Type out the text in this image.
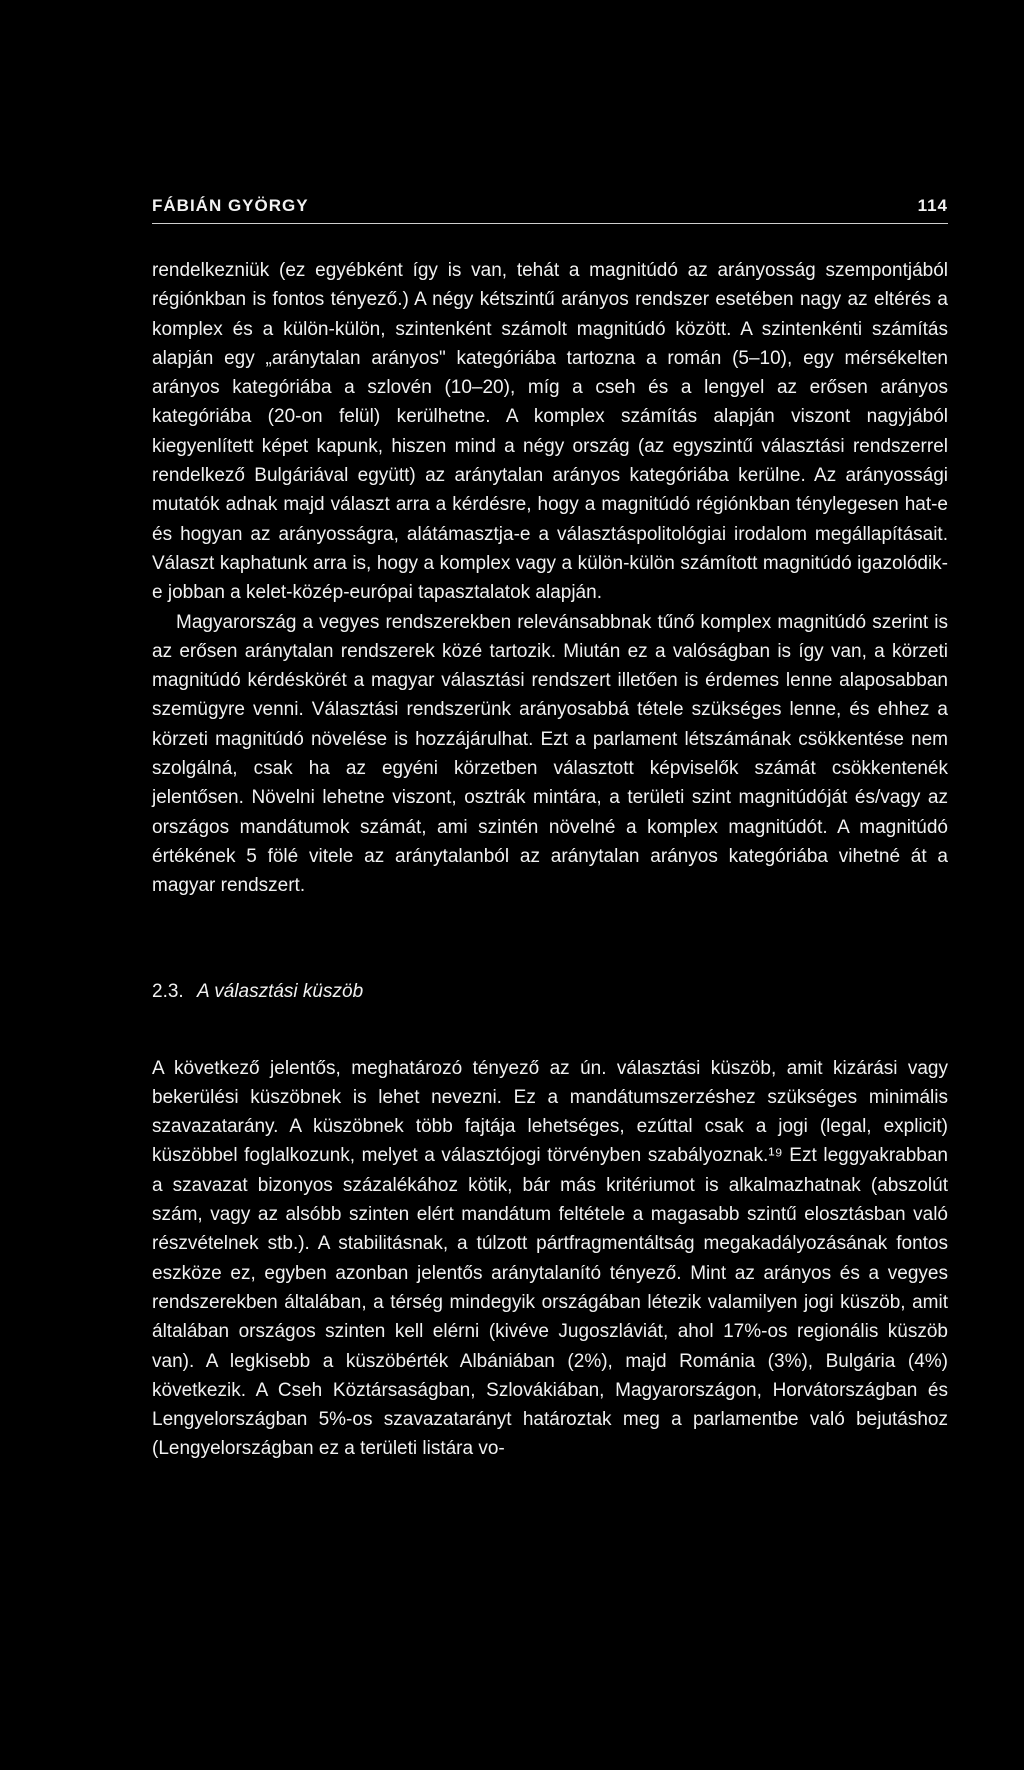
FÁBIÁN GYÖRGY	114

rendelkezniük (ez egyébként így is van, tehát a magnitúdó az arányosság szempontjából régiónkban is fontos tényező.) A négy kétszintű arányos rendszer esetében nagy az eltérés a komplex és a külön-külön, szintenként számolt magnitúdó között. A szintenkénti számítás alapján egy „aránytalan arányos" kategóriába tartozna a román (5–10), egy mérsékelten arányos kategóriába a szlovén (10–20), míg a cseh és a lengyel az erősen arányos kategóriába (20-on felül) kerülhetne. A komplex számítás alapján viszont nagyjából kiegyenlített képet kapunk, hiszen mind a négy ország (az egyszintű választási rendszerrel rendelkező Bulgáriával együtt) az aránytalan arányos kategóriába kerülne. Az arányossági mutatók adnak majd választ arra a kérdésre, hogy a magnitúdó régiónkban ténylegesen hat-e és hogyan az arányosságra, alátámasztja-e a választáspolitológiai irodalom megállapításait. Választ kaphatunk arra is, hogy a komplex vagy a külön-külön számított magnitúdó igazolódik-e jobban a kelet-közép-európai tapasztalatok alapján.

Magyarország a vegyes rendszerekben relevánsabbnak tűnő komplex magnitúdó szerint is az erősen aránytalan rendszerek közé tartozik. Miután ez a valóságban is így van, a körzeti magnitúdó kérdéskörét a magyar választási rendszert illetően is érdemes lenne alaposabban szemügyre venni. Választási rendszerünk arányosabbá tétele szükséges lenne, és ehhez a körzeti magnitúdó növelése is hozzájárulhat. Ezt a parlament létszámának csökkentése nem szolgálná, csak ha az egyéni körzetben választott képviselők számát csökkentenék jelentősen. Növelni lehetne viszont, osztrák mintára, a területi szint magnitúdóját és/vagy az országos mandátumok számát, ami szintén növelné a komplex magnitúdót. A magnitúdó értékének 5 fölé vitele az aránytalanból az aránytalan arányos kategóriába vihetné át a magyar rendszert.

2.3. A választási küszöb

A következő jelentős, meghatározó tényező az ún. választási küszöb, amit kizárási vagy bekerülési küszöbnek is lehet nevezni. Ez a mandátumszerzéshez szükséges minimális szavazatarány. A küszöbnek több fajtája lehetséges, ezúttal csak a jogi (legal, explicit) küszöbbel foglalkozunk, melyet a választójogi törvényben szabályoznak.¹⁹ Ezt leggyakrabban a szavazat bizonyos százalékához kötik, bár más kritériumot is alkalmazhatnak (abszolút szám, vagy az alsóbb szinten elért mandátum feltétele a magasabb szintű elosztásban való részvételnek stb.). A stabilitásnak, a túlzott pártfragmentáltság megakadályozásának fontos eszköze ez, egyben azonban jelentős aránytalanító tényező. Mint az arányos és a vegyes rendszerekben általában, a térség mindegyik országában létezik valamilyen jogi küszöb, amit általában országos szinten kell elérni (kivéve Jugoszláviát, ahol 17%-os regionális küszöb van). A legkisebb a küszöbérték Albániában (2%), majd Románia (3%), Bulgária (4%) következik. A Cseh Köztársaságban, Szlovákiában, Magyarországon, Horvátországban és Lengyelországban 5%-os szavazatarányt határoztak meg a parlamentbe való bejutáshoz (Lengyelországban ez a területi listára vo-
